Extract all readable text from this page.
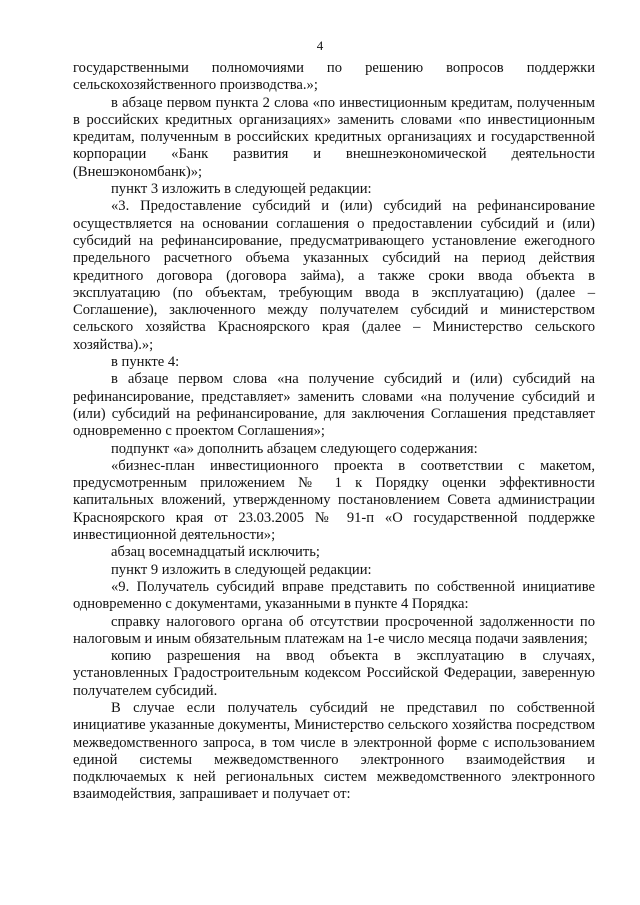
4

государственными полномочиями по решению вопросов поддержки сельскохозяйственного производства.»;

в абзаце первом пункта 2 слова «по инвестиционным кредитам, полученным в российских кредитных организациях» заменить словами «по инвестиционным кредитам, полученным в российских кредитных организациях и государственной корпорации «Банк развития и внешнеэкономической деятельности (Внешэкономбанк)»;

пункт 3 изложить в следующей редакции:

«3. Предоставление субсидий и (или) субсидий на рефинансирование осуществляется на основании соглашения о предоставлении субсидий и (или) субсидий на рефинансирование, предусматривающего установление ежегодного предельного расчетного объема указанных субсидий на период действия кредитного договора (договора займа), а также сроки ввода объекта в эксплуатацию (по объектам, требующим ввода в эксплуатацию) (далее – Соглашение), заключенного между получателем субсидий и министерством сельского хозяйства Красноярского края (далее – Министерство сельского хозяйства).»;

в пункте 4:

в абзаце первом слова «на получение субсидий и (или) субсидий на рефинансирование, представляет» заменить словами «на получение субсидий и (или) субсидий на рефинансирование, для заключения Соглашения представляет одновременно с проектом Соглашения»;

подпункт «а» дополнить абзацем следующего содержания:

«бизнес-план инвестиционного проекта в соответствии с макетом, предусмотренным приложением № 1 к Порядку оценки эффективности капитальных вложений, утвержденному постановлением Совета администрации Красноярского края от 23.03.2005 № 91-п «О государственной поддержке инвестиционной деятельности»;

абзац восемнадцатый исключить;

пункт 9 изложить в следующей редакции:

«9. Получатель субсидий вправе представить по собственной инициативе одновременно с документами, указанными в пункте 4 Порядка:

справку налогового органа об отсутствии просроченной задолженности по налоговым и иным обязательным платежам на 1-е число месяца подачи заявления;

копию разрешения на ввод объекта в эксплуатацию в случаях, установленных Градостроительным кодексом Российской Федерации, заверенную получателем субсидий.

В случае если получатель субсидий не представил по собственной инициативе указанные документы, Министерство сельского хозяйства посредством межведомственного запроса, в том числе в электронной форме с использованием единой системы межведомственного электронного взаимодействия и подключаемых к ней региональных систем межведомственного электронного взаимодействия, запрашивает и получает от:
